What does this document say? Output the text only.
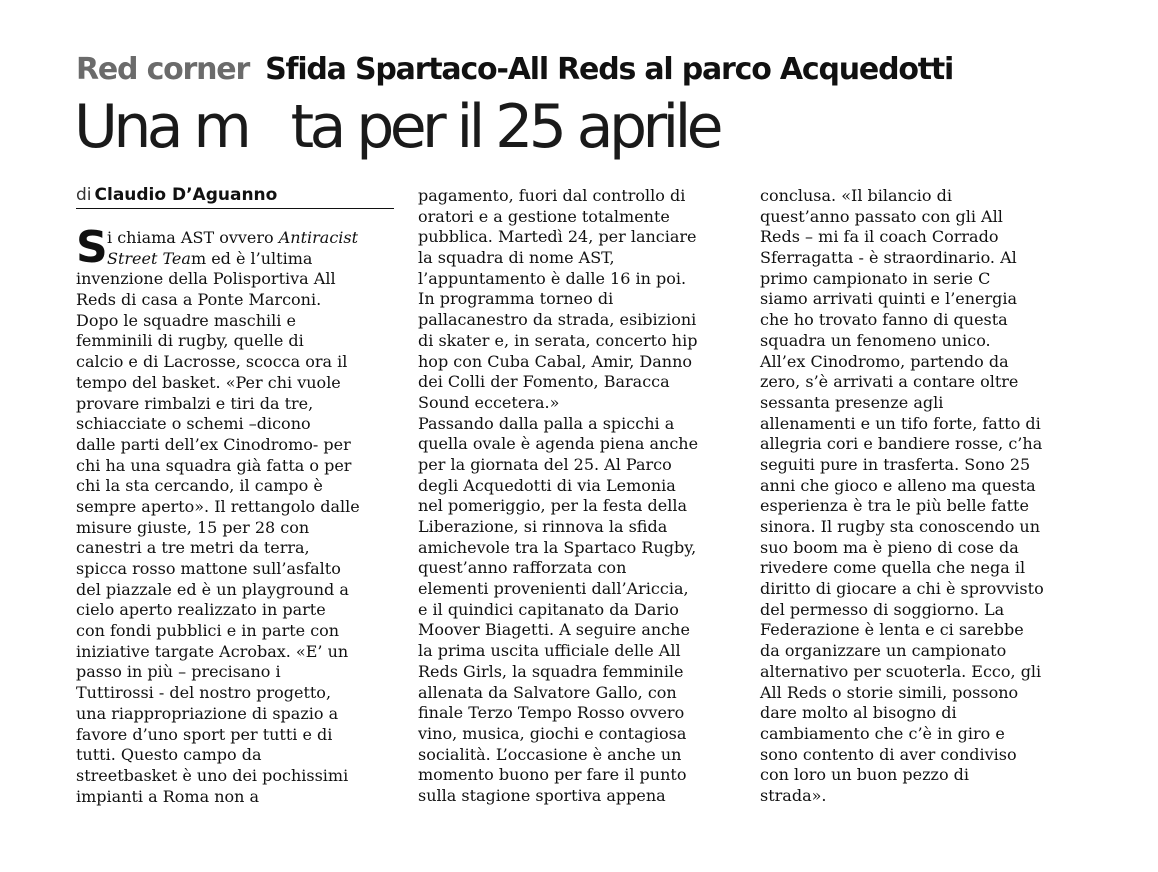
Red corner Sfida Spartaco-All Reds al parco Acquedotti
Una m   ta per il 25 aprile
di Claudio D’Aguanno
S i chiama AST ovvero Antiracist
Street Team ed è l’ultima
invenzione della Polisportiva All
Reds di casa a Ponte Marconi.
Dopo le squadre maschili e
femminili di rugby, quelle di
calcio e di Lacrosse, scocca ora il
tempo del basket. «Per chi vuole
provare rimbalzi e tiri da tre,
schiacciate o schemi –dicono
dalle parti dell’ex Cinodromo- per
chi ha una squadra già fatta o per
chi la sta cercando, il campo è
sempre aperto». Il rettangolo dalle
misure giuste, 15 per 28 con
canestri a tre metri da terra,
spicca rosso mattone sull’asfalto
del piazzale ed è un playground a
cielo aperto realizzato in parte
con fondi pubblici e in parte con
iniziative targate Acrobax. «E’ un
passo in più – precisano i
Tuttirossi - del nostro progetto,
una riappropriazione di spazio a
favore d’uno sport per tutti e di
tutti. Questo campo da
streetbasket è uno dei pochissimi
impianti a Roma non a
pagamento, fuori dal controllo di
oratori e a gestione totalmente
pubblica. Martedì 24, per lanciare
la squadra di nome AST,
l’appuntamento è dalle 16 in poi.
In programma torneo di
pallacanestro da strada, esibizioni
di skater e, in serata, concerto hip
hop con Cuba Cabal, Amir, Danno
dei Colli der Fomento, Baracca
Sound eccetera.»
Passando dalla palla a spicchi a
quella ovale è agenda piena anche
per la giornata del 25. Al Parco
degli Acquedotti di via Lemonia
nel pomeriggio, per la festa della
Liberazione, si rinnova la sfida
amichevole tra la Spartaco Rugby,
quest’anno rafforzata con
elementi provenienti dall’Ariccia,
e il quindici capitanato da Dario
Moover Biagetti. A seguire anche
la prima uscita ufficiale delle All
Reds Girls, la squadra femminile
allenata da Salvatore Gallo, con
finale Terzo Tempo Rosso ovvero
vino, musica, giochi e contagiosa
socialità. L’occasione è anche un
momento buono per fare il punto
sulla stagione sportiva appena
conclusa. «Il bilancio di
quest’anno passato con gli All
Reds – mi fa il coach Corrado
Sferragatta - è straordinario. Al
primo campionato in serie C
siamo arrivati quinti e l’energia
che ho trovato fanno di questa
squadra un fenomeno unico.
All’ex Cinodromo, partendo da
zero, s’è arrivati a contare oltre
sessanta presenze agli
allenamenti e un tifo forte, fatto di
allegria cori e bandiere rosse, c’ha
seguiti pure in trasferta. Sono 25
anni che gioco e alleno ma questa
esperienza è tra le più belle fatte
sinora. Il rugby sta conoscendo un
suo boom ma è pieno di cose da
rivedere come quella che nega il
diritto di giocare a chi è sprovvisto
del permesso di soggiorno. La
Federazione è lenta e ci sarebbe
da organizzare un campionato
alternativo per scuoterla. Ecco, gli
All Reds o storie simili, possono
dare molto al bisogno di
cambiamento che c’è in giro e
sono contento di aver condiviso
con loro un buon pezzo di
strada».
